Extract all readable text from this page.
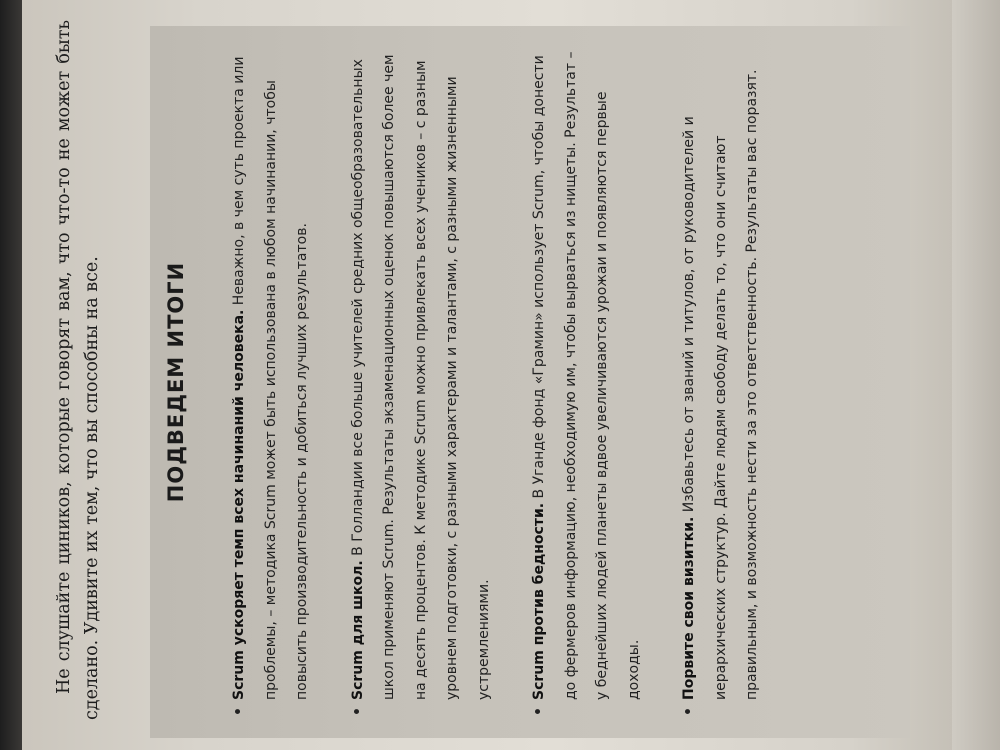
Не слушайте циников, которые говорят вам, что что-то не может быть сделано. Удивите их тем, что вы способны на все.	ПОДВЕДЕМ ИТОГИ	• Scrum ускоряет темп всех начинаний человека. Неважно, в чем суть проекта или проблемы, – методика Scrum может быть использована в любом начинании, чтобы повысить производительность и добиться лучших результатов.	• Scrum для школ. В Голландии все больше учителей средних общеобразовательных школ применяют Scrum. Результаты экзаменационных оценок повышаются более чем на десять процентов. К методике Scrum можно привлекать всех учеников – с разным уровнем подготовки, с разными характерами и талантами, с разными жизненными устремлениями.	• Scrum против бедности. В Уганде фонд «Грамин» использует Scrum, чтобы донести до фермеров информацию, необходимую им, чтобы вырваться из нищеты. Результат – у беднейших людей планеты вдвое увеличиваются урожаи и появляются первые доходы.	• Порвите свои визитки. Избавьтесь от званий и титулов, от руководителей и иерархических структур. Дайте людям свободу делать то, что они считают правильным, и возможность нести за это ответственность. Результаты вас поразят.
